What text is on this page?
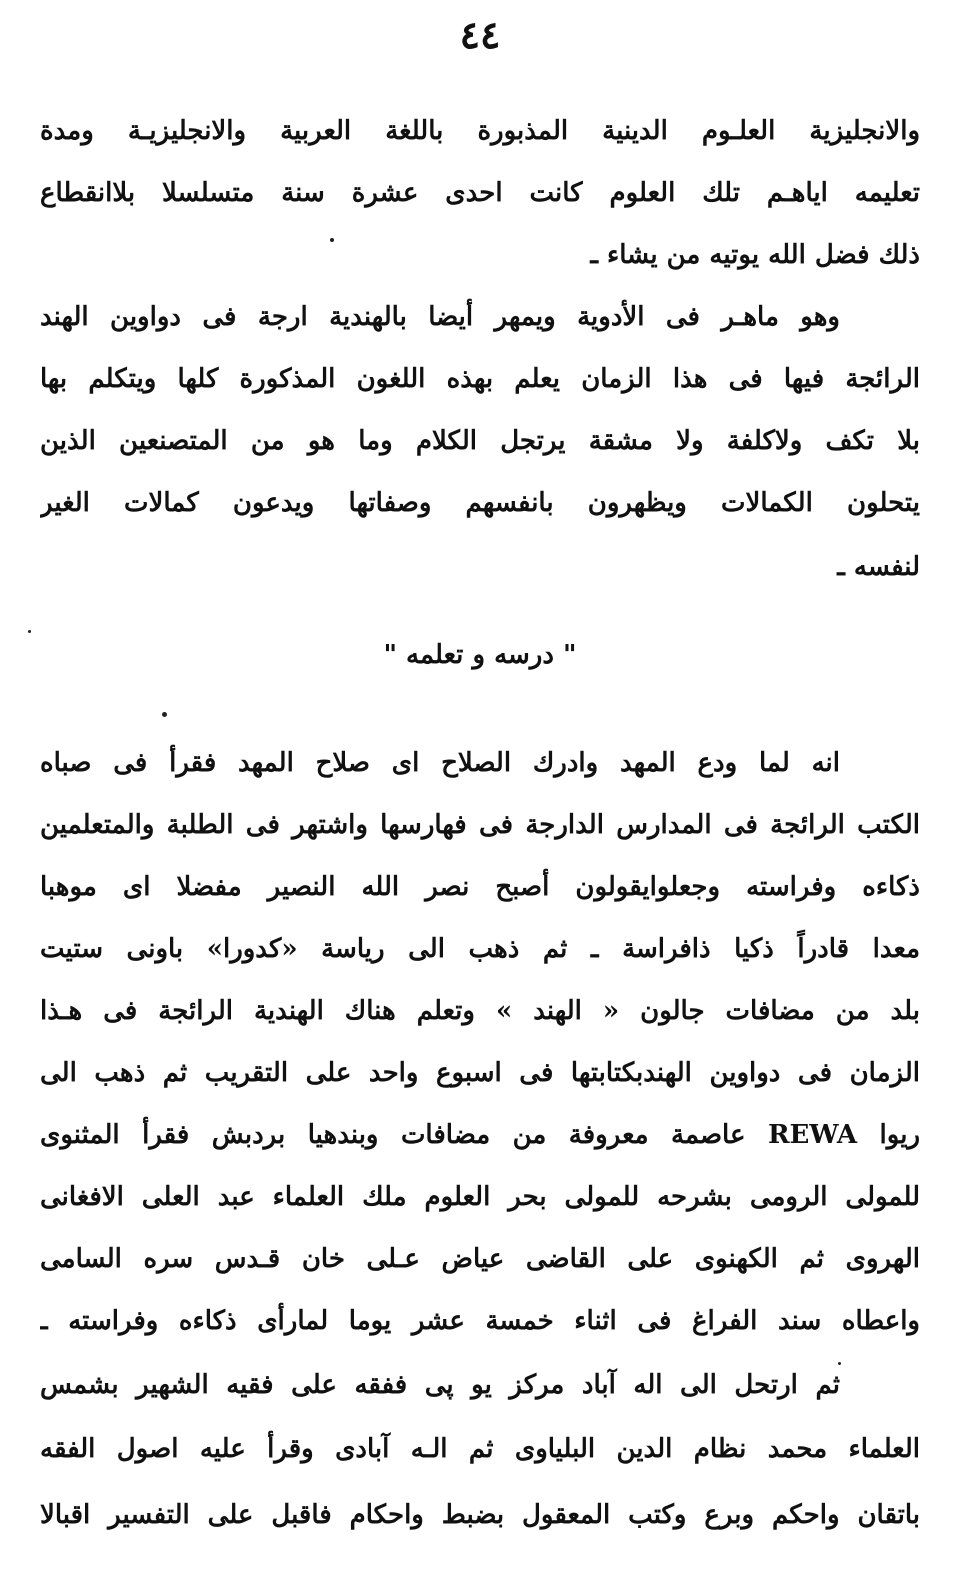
٤٤
والانجليزية العلـوم الدينية المذبورة باللغة العربية والانجليزيـة ومدة
تعليمه اياهـم تلك العلوم كانت احدى عشرة سنة متسلسلا بلاانقطاع
ذلك فضل الله يوتيه من يشاء ـ
وهو ماهـر فى الأدوية ويمهر أيضا بالهندية ارجة فى دواوين الهند
الرائجة فيها فى هذا الزمان يعلم بهذه اللغون المذكورة كلها ويتكلم بها
بلا تكف ولاكلفة ولا مشقة يرتجل الكلام وما هو من المتصنعين الذين
يتحلون الكمالات ويظهرون بانفسهم وصفاتها ويدعون كمالات الغير
لنفسه ـ
" درسه و تعلمه "
انه لما ودع المهد وادرك الصلاح اى صلاح المهد فقرأ فى صباه
الكتب الرائجة فى المدارس الدارجة فى فهارسها واشتهر فى الطلبة والمتعلمين
ذكاءه وفراسته وجعلوايقولون أصبح نصر الله النصير مفضلا اى موهبا
معدا قادراً ذكيا ذافراسة ـ ثم ذهب الى رياسة «كدورا» باونى ستيت
بلد من مضافات جالون « الهند » وتعلم هناك الهندية الرائجة فى هـذا
الزمان فى دواوين الهندبكتابتها فى اسبوع واحد على التقريب ثم ذهب الى
ريوا REWA عاصمة معروفة من مضافات وبندهيا بردبش فقرأ المثنوى
للمولى الرومى بشرحه للمولى بحر العلوم ملك العلماء عبد العلى الافغانى
الهروى ثم الكهنوى على القاضى عياض عـلى خان قـدس سره السامى
واعطاه سند الفراغ فى اثناء خمسة عشر يوما لمارأى ذكاءه وفراسته ـ
ثم ارتحل الى اله آباد مركز يو پى ففقه على فقيه الشهير بشمس
العلماء محمد نظام الدين البلياوى ثم الـه آبادى وقرأ عليه اصول الفقه
باتقان واحكم وبرع وكتب المعقول بضبط واحكام فاقبل على التفسير اقبالا
